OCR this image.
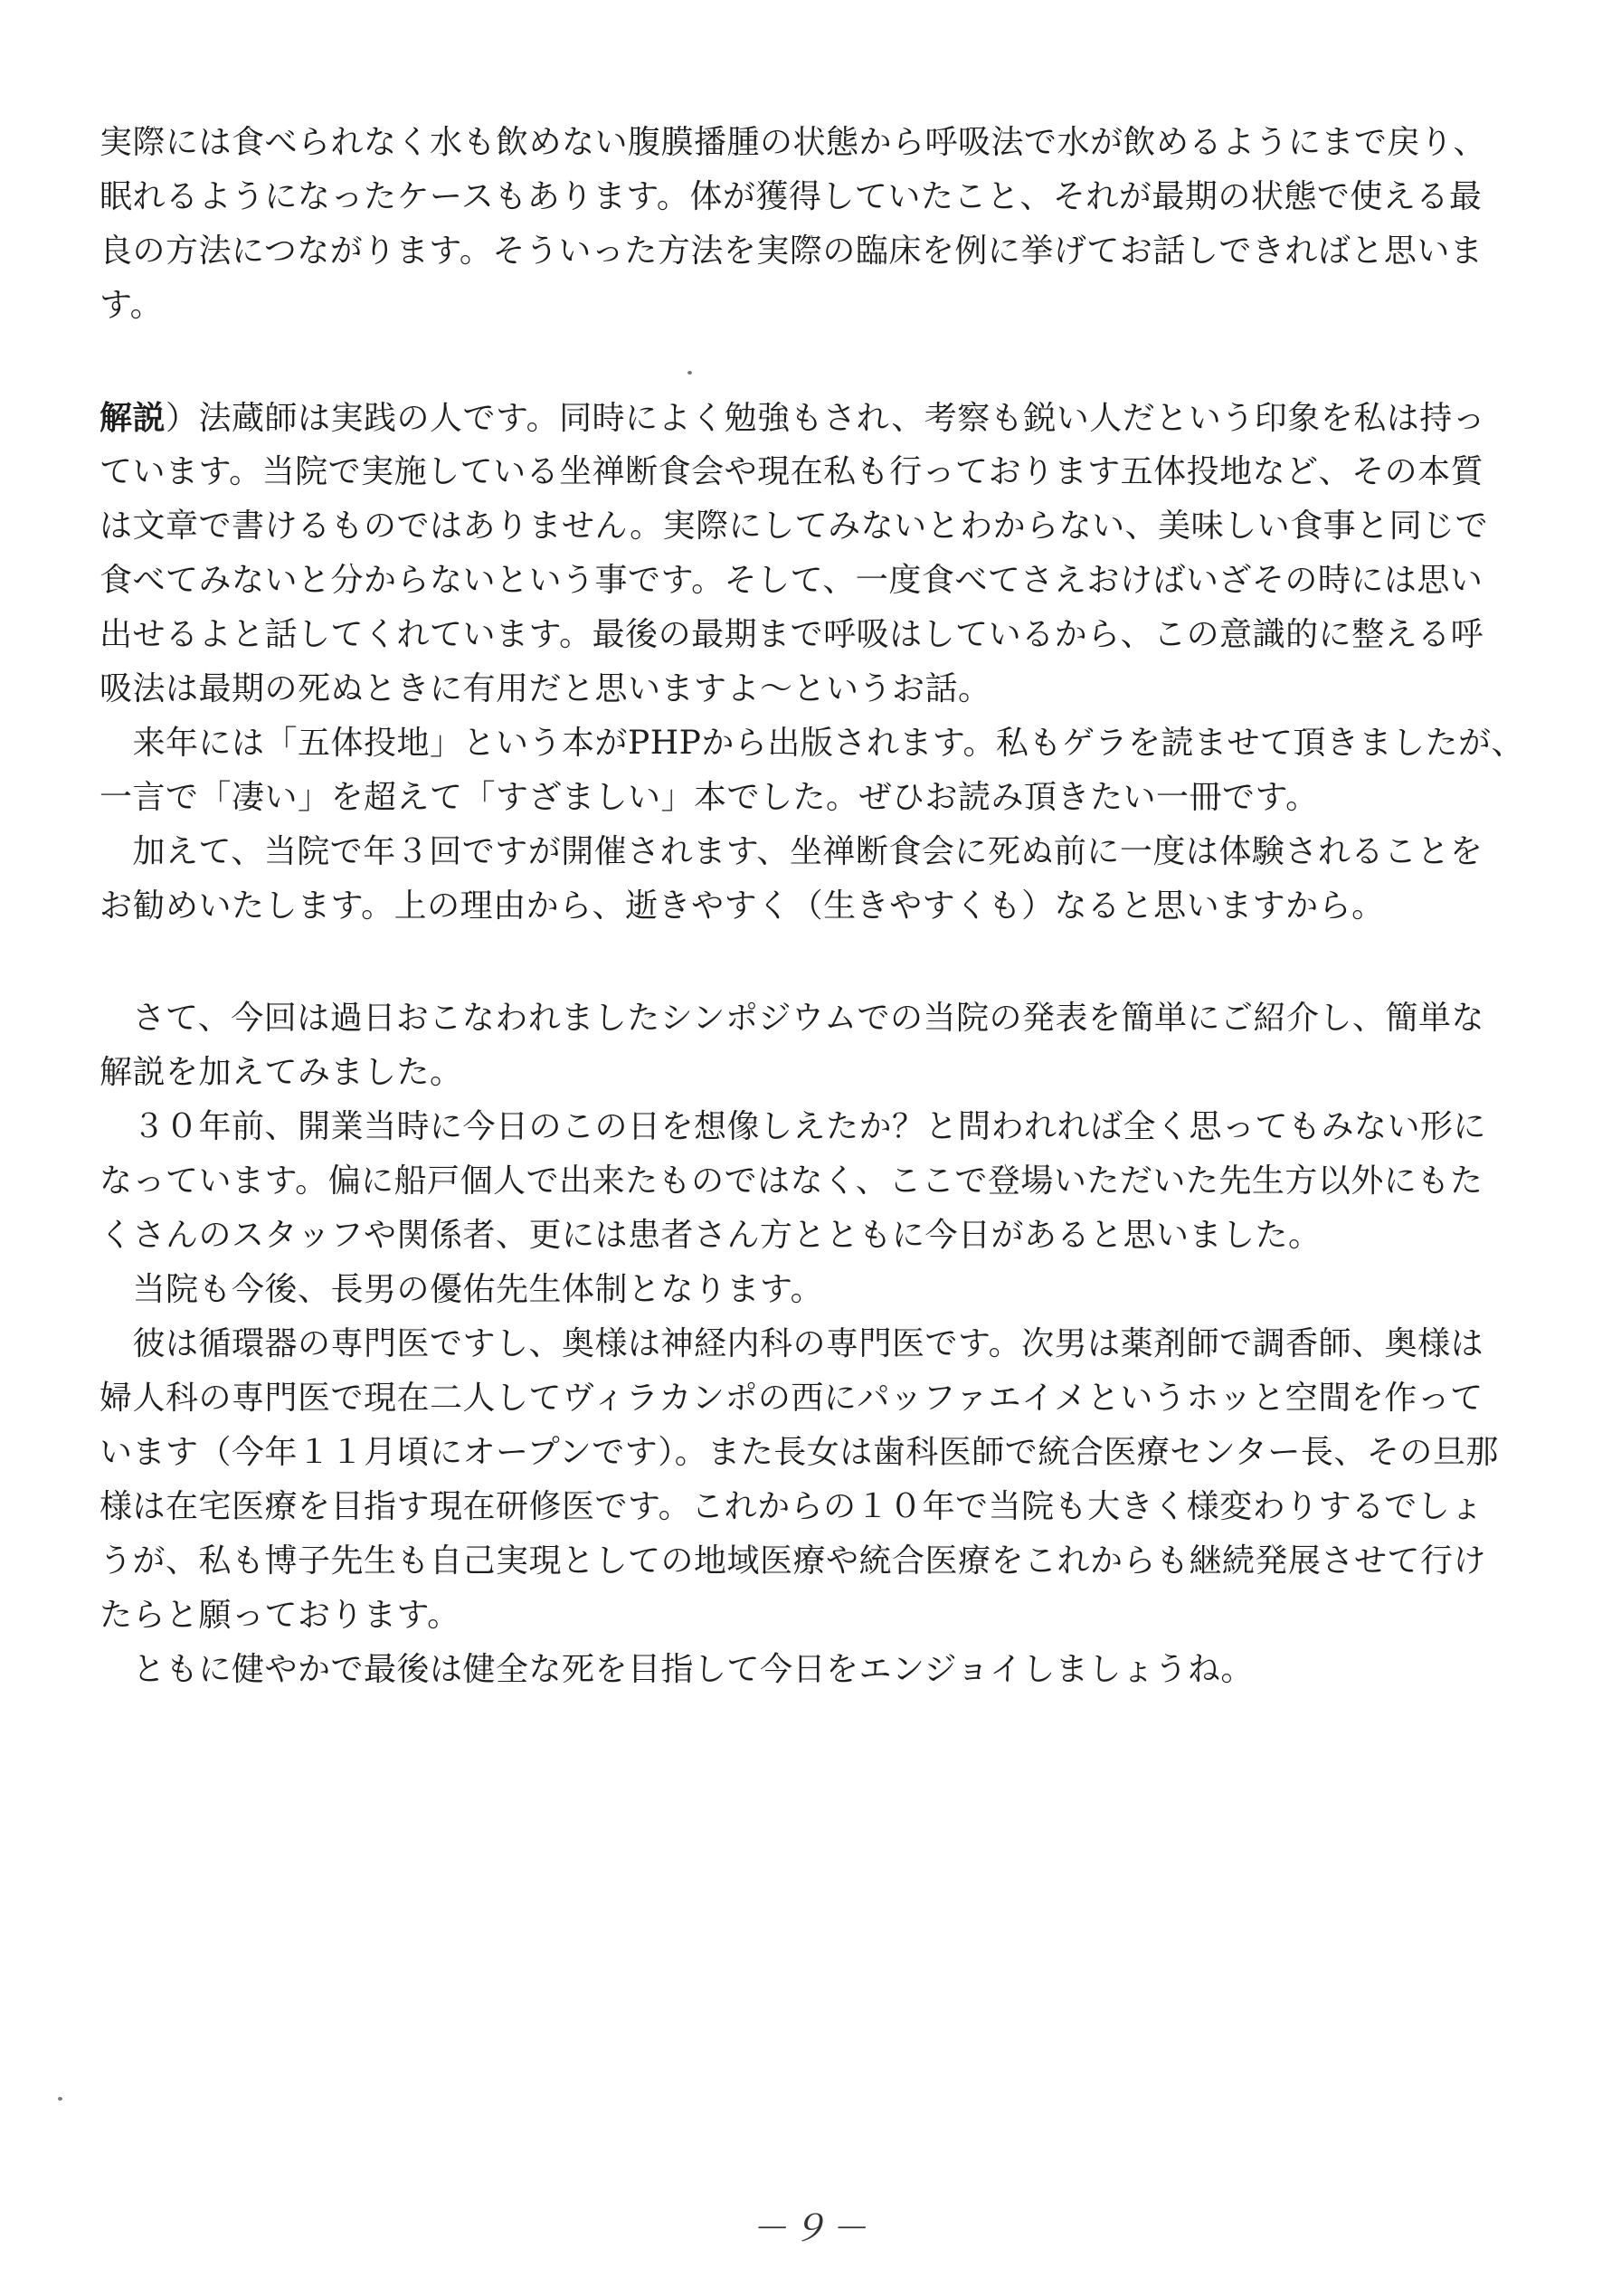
実際には食べられなく水も飲めない腹膜播腫の状態から呼吸法で水が飲めるようにまで戻り、
眠れるようになったケースもあります。体が獲得していたこと、それが最期の状態で使える最
良の方法につながります。そういった方法を実際の臨床を例に挙げてお話しできればと思いま
す。
解説）法蔵師は実践の人です。同時によく勉強もされ、考察も鋭い人だという印象を私は持っ
ています。当院で実施している坐禅断食会や現在私も行っております五体投地など、その本質
は文章で書けるものではありません。実際にしてみないとわからない、美味しい食事と同じで
食べてみないと分からないという事です。そして、一度食べてさえおけばいざその時には思い
出せるよと話してくれています。最後の最期まで呼吸はしているから、この意識的に整える呼
吸法は最期の死ぬときに有用だと思いますよ〜というお話。
　来年には「五体投地」という本がPHPから出版されます。私もゲラを読ませて頂きましたが、
一言で「凄い」を超えて「すざましい」本でした。ぜひお読み頂きたい一冊です。
　加えて、当院で年３回ですが開催されます、坐禅断食会に死ぬ前に一度は体験されることを
お勧めいたします。上の理由から、逝きやすく（生きやすくも）なると思いますから。
　さて、今回は過日おこなわれましたシンポジウムでの当院の発表を簡単にご紹介し、簡単な
解説を加えてみました。
　３０年前、開業当時に今日のこの日を想像しえたか？と問われれば全く思ってもみない形に
なっています。偏に船戸個人で出来たものではなく、ここで登場いただいた先生方以外にもた
くさんのスタッフや関係者、更には患者さん方とともに今日があると思いました。
　当院も今後、長男の優佑先生体制となります。
　彼は循環器の専門医ですし、奥様は神経内科の専門医です。次男は薬剤師で調香師、奥様は
婦人科の専門医で現在二人してヴィラカンポの西にパッファエイメというホッと空間を作って
います（今年１１月頃にオープンです）。また長女は歯科医師で統合医療センター長、その旦那
様は在宅医療を目指す現在研修医です。これからの１０年で当院も大きく様変わりするでしょ
うが、私も博子先生も自己実現としての地域医療や統合医療をこれからも継続発展させて行け
たらと願っております。
　ともに健やかで最後は健全な死を目指して今日をエンジョイしましょうね。
－９－
